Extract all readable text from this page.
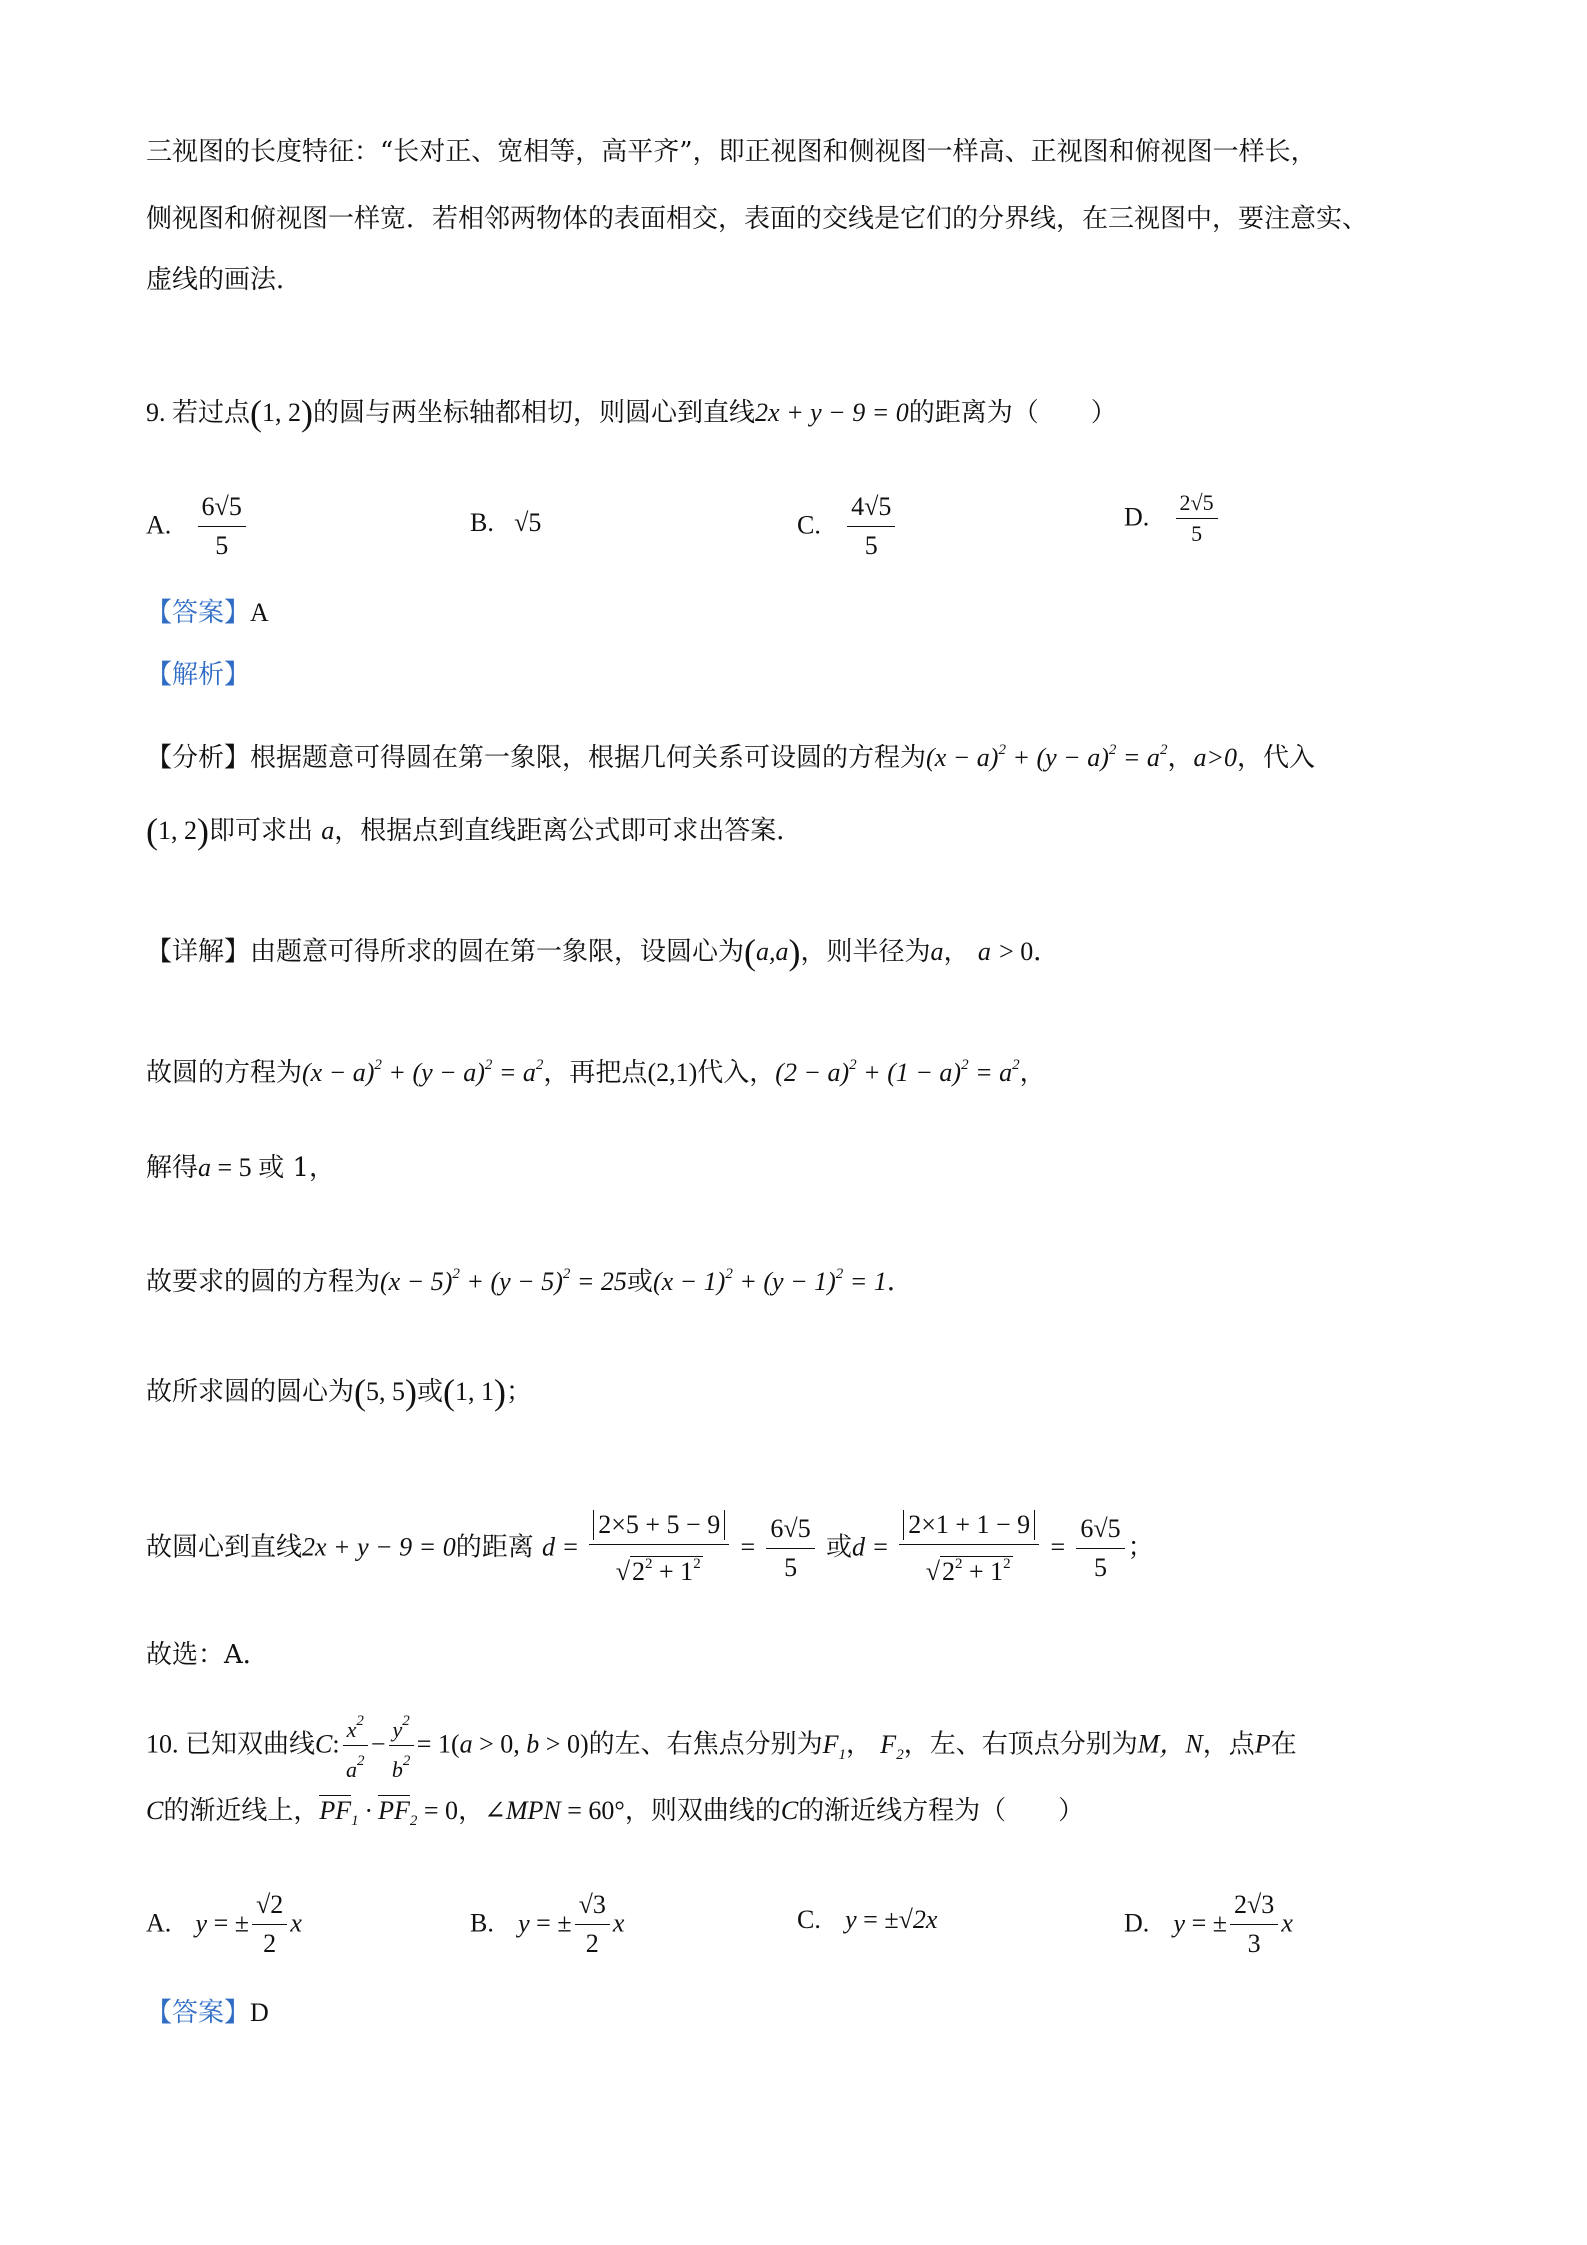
三视图的长度特征：“长对正、宽相等，高平齐”，即正视图和侧视图一样高、正视图和俯视图一样长，
侧视图和俯视图一样宽．若相邻两物体的表面相交，表面的交线是它们的分界线，在三视图中，要注意实、
虚线的画法．
9. 若过点(1, 2)的圆与两坐标轴都相切，则圆心到直线2x + y − 9 = 0的距离为（　　）
A. $\frac{6√5}{5}$	B. √5	C. $\frac{4√5}{5}$	D. $\frac{2√5}{5}$
【答案】A
【解析】
【分析】根据题意可得圆在第一象限，根据几何关系可设圆的方程为$(x - a)^2 + (y - a)^2 = a^2$，a>0，代入
(1, 2)即可求出 a，根据点到直线距离公式即可求出答案．
【详解】由题意可得所求的圆在第一象限，设圆心为(a,a)，则半径为a， a > 0．
故圆的方程为$(x - a)^2 + (y - a)^2 = a^2$，再把点(2,1)代入，$(2 - a)^2 + (1 - a)^2 = a^2$，
解得a = 5 或 1，
故要求的圆的方程为$(x - 5)^2 + (y - 5)^2 = 25$或$(x - 1)^2 + (y - 1)^2 = 1$．
故所求圆的圆心为(5, 5)或(1, 1)；
故圆心到直线2x + y − 9 = 0的距离 $d = \frac{2\times 5 + 5 - 9}{√2^2 + 1^2} = \frac{6√5}{5}$ 或$d = \frac{2\times 1 + 1 - 9}{√2^2 + 1^2} = \frac{6√5}{5}$ ；
故选：A．
10. 已知双曲线C: $\frac{x^2}{a^2} - \frac{y^2}{b^2} = 1(a > 0$, b > 0)的左、右焦点分别为$F_1$， $F_2$，左、右顶点分别为M，N，点P在
C的渐近线上，$PF_1 \cdot PF_2 = 0$，∠MPN = 60°，则双曲线的C的渐近线方程为（　　）
A. y = ± $\frac{√2}{2}$ x	B. y = ± $\frac{√3}{2}$ x	C. y = ±√2x	D. y = ± $\frac{2√3}{3}$ x
【答案】D
